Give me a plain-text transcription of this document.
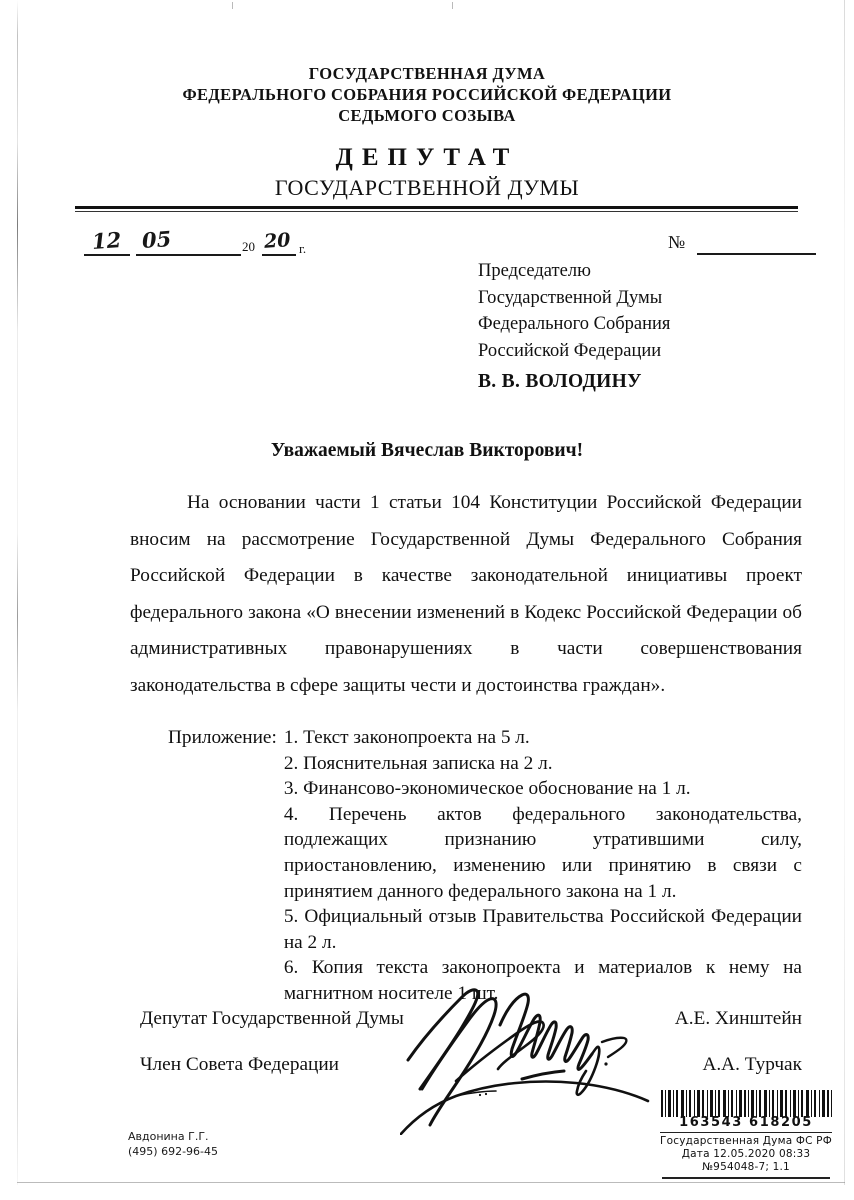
ГОСУДАРСТВЕННАЯ ДУМА
ФЕДЕРАЛЬНОГО СОБРАНИЯ РОССИЙСКОЙ ФЕДЕРАЦИИ
СЕДЬМОГО СОЗЫВА
ДЕПУТАТ
ГОСУДАРСТВЕННОЙ ДУМЫ
12 05	20 20 г.	№
Председателю
Государственной Думы
Федерального Собрания
Российской Федерации
В. В. ВОЛОДИНУ
Уважаемый Вячеслав Викторович!
На основании части 1 статьи 104 Конституции Российской Федерации вносим на рассмотрение Государственной Думы Федерального Собрания Российской Федерации в качестве законодательной инициативы проект федерального закона «О внесении изменений в Кодекс Российской Федерации об административных правонарушениях в части совершенствования законодательства в сфере защиты чести и достоинства граждан».
Приложение: 1. Текст законопроекта на 5 л.
2. Пояснительная записка на 2 л.
3. Финансово-экономическое обоснование на 1 л.
4. Перечень актов федерального законодательства, подлежащих признанию утратившими силу, приостановлению, изменению или принятию в связи с принятием данного федерального закона на 1 л.
5. Официальный отзыв Правительства Российской Федерации на 2 л.
6. Копия текста законопроекта и материалов к нему на магнитном носителе 1 шт.
Депутат Государственной Думы	А.Е. Хинштейн
Член Совета Федерации	А.А. Турчак
163543 618205
Государственная Дума ФС РФ
Дата 12.05.2020 08:33
№954048-7; 1.1
Авдонина Г.Г.
(495) 692-96-45
